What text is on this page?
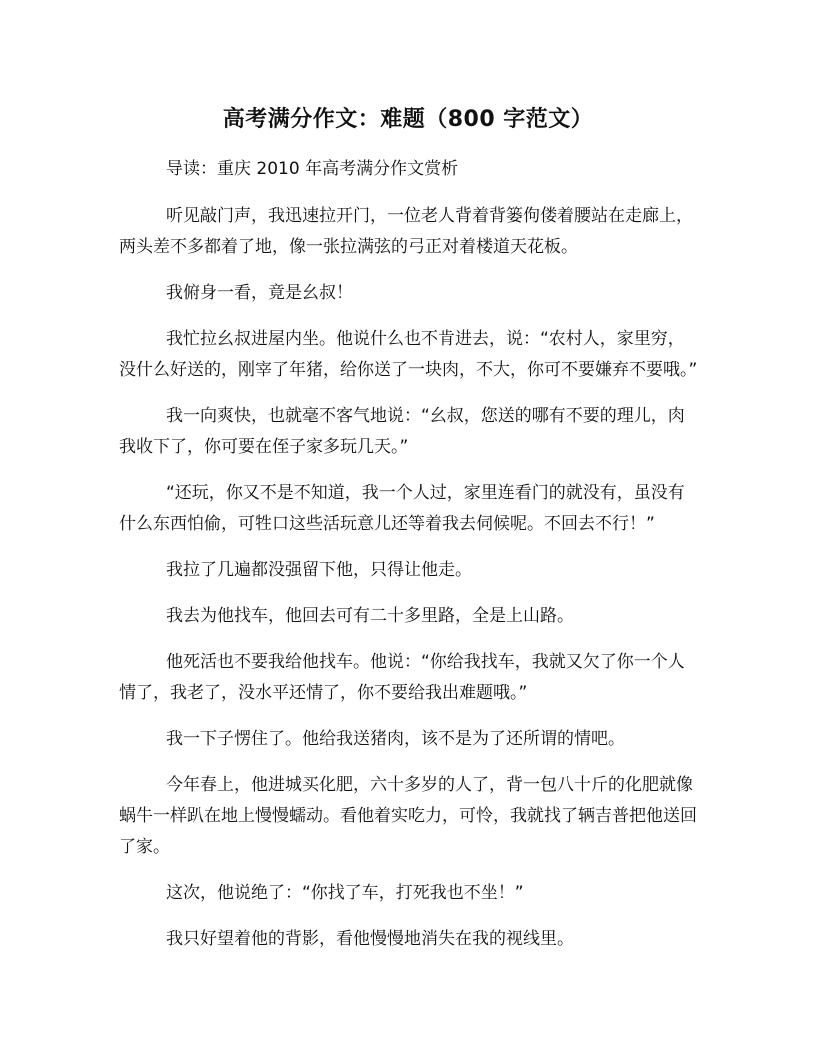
高考满分作文：难题（800 字范文）

导读：重庆 2010 年高考满分作文赏析

听见敲门声，我迅速拉开门，一位老人背着背篓佝偻着腰站在走廊上，两头差不多都着了地，像一张拉满弦的弓正对着楼道天花板。

我俯身一看，竟是幺叔！

我忙拉幺叔进屋内坐。他说什么也不肯进去，说：“农村人，家里穷，没什么好送的，刚宰了年猪，给你送了一块肉，不大，你可不要嫌弃不要哦。”

我一向爽快，也就毫不客气地说：“幺叔，您送的哪有不要的理儿，肉我收下了，你可要在侄子家多玩几天。”

“还玩，你又不是不知道，我一个人过，家里连看门的就没有，虽没有什么东西怕偷，可牲口这些活玩意儿还等着我去伺候呢。不回去不行！”

我拉了几遍都没强留下他，只得让他走。

我去为他找车，他回去可有二十多里路，全是上山路。

他死活也不要我给他找车。他说：“你给我找车，我就又欠了你一个人情了，我老了，没水平还情了，你不要给我出难题哦。”

我一下子愣住了。他给我送猪肉，该不是为了还所谓的情吧。

今年春上，他进城买化肥，六十多岁的人了，背一包八十斤的化肥就像蜗牛一样趴在地上慢慢蠕动。看他着实吃力，可怜，我就找了辆吉普把他送回了家。

这次，他说绝了：“你找了车，打死我也不坐！”

我只好望着他的背影，看他慢慢地消失在我的视线里。
